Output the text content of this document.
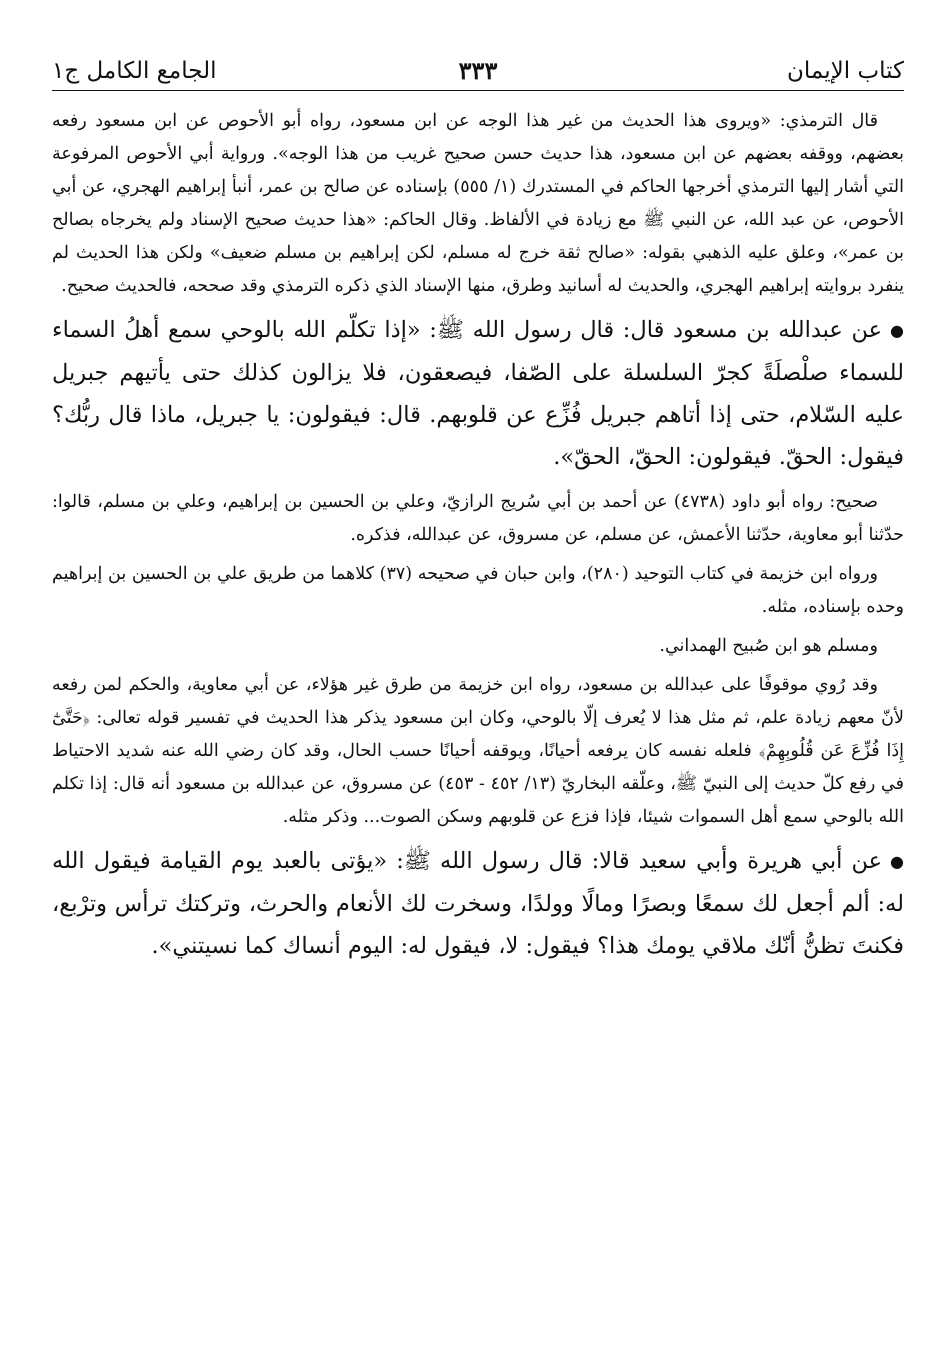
كتاب الإيمان
٣٣٣
الجامع الكامل ج١

قال الترمذي: «ويروى هذا الحديث من غير هذا الوجه عن ابن مسعود، رواه أبو الأحوص عن ابن مسعود رفعه بعضهم، ووقفه بعضهم عن ابن مسعود، هذا حديث حسن صحيح غريب من هذا الوجه». ورواية أبي الأحوص المرفوعة التي أشار إليها الترمذي أخرجها الحاكم في المستدرك (١/ ٥٥٥) بإسناده عن صالح بن عمر، أنبأ إبراهيم الهجري، عن أبي الأحوص، عن عبد الله، عن النبي ﷺ مع زيادة في الألفاظ. وقال الحاكم: «هذا حديث صحيح الإسناد ولم يخرجاه بصالح بن عمر»، وعلق عليه الذهبي بقوله: «صالح ثقة خرج له مسلم، لكن إبراهيم بن مسلم ضعيف» ولكن هذا الحديث لم ينفرد بروايته إبراهيم الهجري، والحديث له أسانيد وطرق، منها الإسناد الذي ذكره الترمذي وقد صححه، فالحديث صحيح.

●عن عبدالله بن مسعود قال: قال رسول الله ﷺ: «إذا تكلّم الله بالوحي سمع أهلُ السماء للسماء صلْصلَةً كجرّ السلسلة على الصّفا، فيصعقون، فلا يزالون كذلك حتى يأتيهم جبريل عليه السّلام، حتى إذا أتاهم جبريل فُزِّع عن قلوبهم. قال: فيقولون: يا جبريل، ماذا قال ربُّك؟ فيقول: الحقّ. فيقولون: الحقّ، الحقّ».

صحيح: رواه أبو داود (٤٧٣٨) عن أحمد بن أبي سُريج الرازيّ، وعلي بن الحسين بن إبراهيم، وعلي بن مسلم، قالوا: حدّثنا أبو معاوية، حدّثنا الأعمش، عن مسلم، عن مسروق، عن عبدالله، فذكره.

ورواه ابن خزيمة في كتاب التوحيد (٢٨٠)، وابن حبان في صحيحه (٣٧) كلاهما من طريق علي بن الحسين بن إبراهيم وحده بإسناده، مثله.

ومسلم هو ابن صُبيح الهمداني.

وقد رُوي موقوفًا على عبدالله بن مسعود، رواه ابن خزيمة من طرق غير هؤلاء، عن أبي معاوية، والحكم لمن رفعه لأنّ معهم زيادة علم، ثم مثل هذا لا يُعرف إلّا بالوحي، وكان ابن مسعود يذكر هذا الحديث في تفسير قوله تعالى: ﴿حَتَّىٰٓ إِذَا فُزِّعَ عَن قُلُوبِهِمْ﴾ فلعله نفسه كان يرفعه أحيانًا، ويوقفه أحيانًا حسب الحال، وقد كان رضي الله عنه شديد الاحتياط في رفع كلّ حديث إلى النبيّ ﷺ، وعلّقه البخاريّ (١٣/ ٤٥٢ - ٤٥٣) عن مسروق، عن عبدالله بن مسعود أنه قال: إذا تكلم الله بالوحي سمع أهل السموات شيئا، فإذا فزع عن قلوبهم وسكن الصوت... وذكر مثله.

●عن أبي هريرة وأبي سعيد قالا: قال رسول الله ﷺ: «يؤتى بالعبد يوم القيامة فيقول الله له: ألم أجعل لك سمعًا وبصرًا ومالًا وولدًا، وسخرت لك الأنعام والحرث، وتركتك ترأس وترْبع، فكنتَ تظنُّ أنّك ملاقي يومك هذا؟ فيقول: لا، فيقول له: اليوم أنساك كما نسيتني».
